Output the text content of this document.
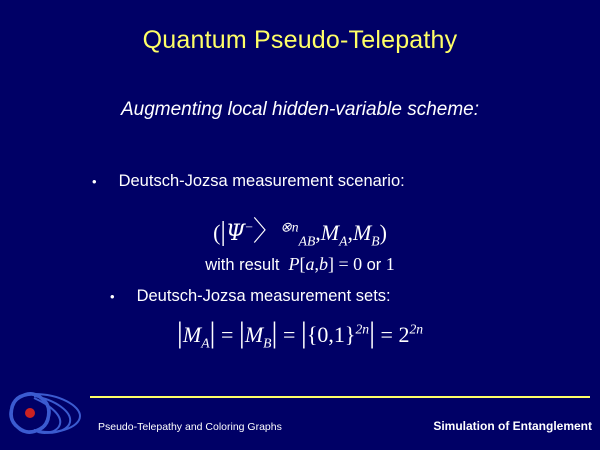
Quantum Pseudo-Telepathy
Augmenting local hidden-variable scheme:
• Deutsch-Jozsa measurement scenario:
$(|\Psi^-〉^{\otimes n}_{AB},M_A,M_B)$
with result P[a,b] = 0 or 1
• Deutsch-Jozsa measurement sets:
$|M_A| = |M_B| = |\{0,1\}^{2n}| = 2^{2n}$
Pseudo-Telepathy and Coloring Graphs	Simulation of Entanglement
